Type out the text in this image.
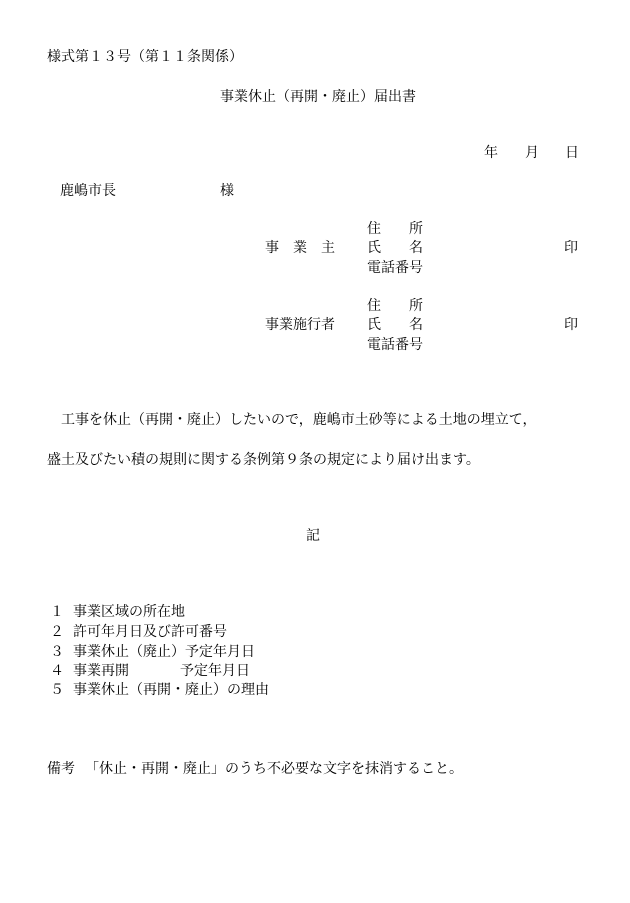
様式第１３号（第１１条関係）
事業休止（再開・廃止）届出書
年 月 日
鹿嶋市長	様
住　　所
事　業　主 氏　　名	印
電話番号
住　　所
事業施行者 氏　　名	印
電話番号
　工事を休止（再開・廃止）したいので，鹿嶋市土砂等による土地の埋立て，
盛土及びたい積の規則に関する条例第９条の規定により届け出ます。
記
１ 事業区域の所在地
２ 許可年月日及び許可番号
３ 事業休止（廃止）予定年月日
４ 事業再開	予定年月日
５ 事業休止（再開・廃止）の理由
備考 「休止・再開・廃止」のうち不必要な文字を抹消すること。
